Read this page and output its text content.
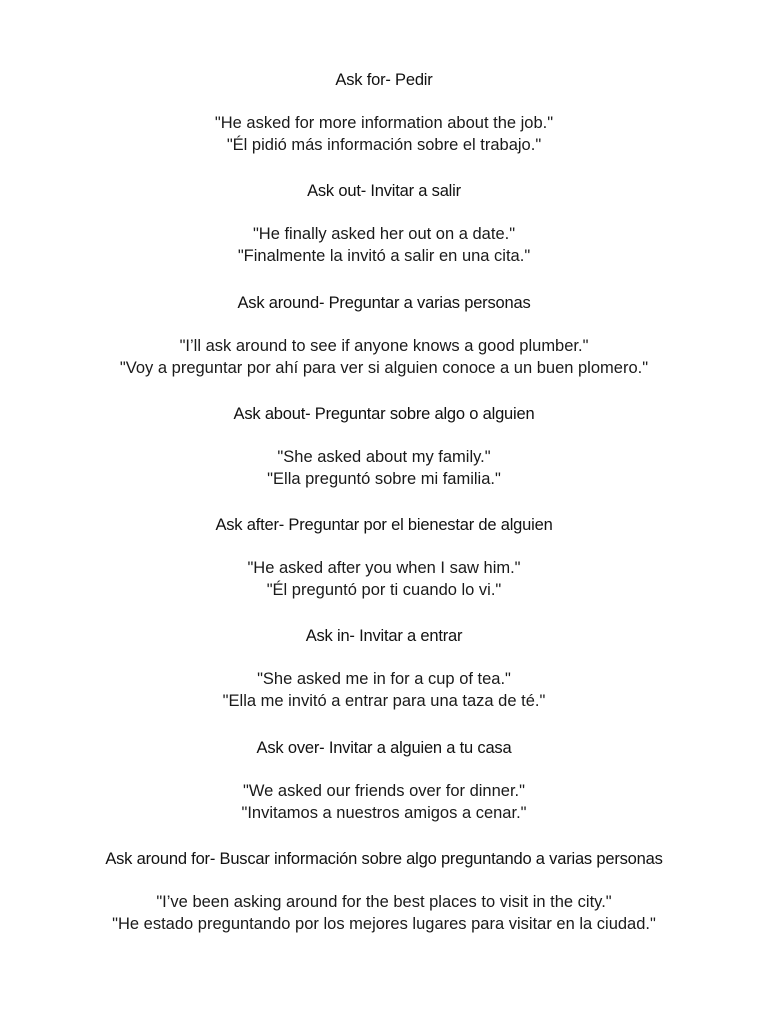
Ask for- Pedir
"He asked for more information about the job."
"Él pidió más información sobre el trabajo."
Ask out- Invitar a salir
"He finally asked her out on a date."
"Finalmente la invitó a salir en una cita."
Ask around- Preguntar a varias personas
"I’ll ask around to see if anyone knows a good plumber."
"Voy a preguntar por ahí para ver si alguien conoce a un buen plomero."
Ask about- Preguntar sobre algo o alguien
"She asked about my family."
"Ella preguntó sobre mi familia."
Ask after- Preguntar por el bienestar de alguien
"He asked after you when I saw him."
"Él preguntó por ti cuando lo vi."
Ask in- Invitar a entrar
"She asked me in for a cup of tea."
"Ella me invitó a entrar para una taza de té."
Ask over- Invitar a alguien a tu casa
"We asked our friends over for dinner."
"Invitamos a nuestros amigos a cenar."
Ask around for- Buscar información sobre algo preguntando a varias personas
"I’ve been asking around for the best places to visit in the city."
"He estado preguntando por los mejores lugares para visitar en la ciudad."
